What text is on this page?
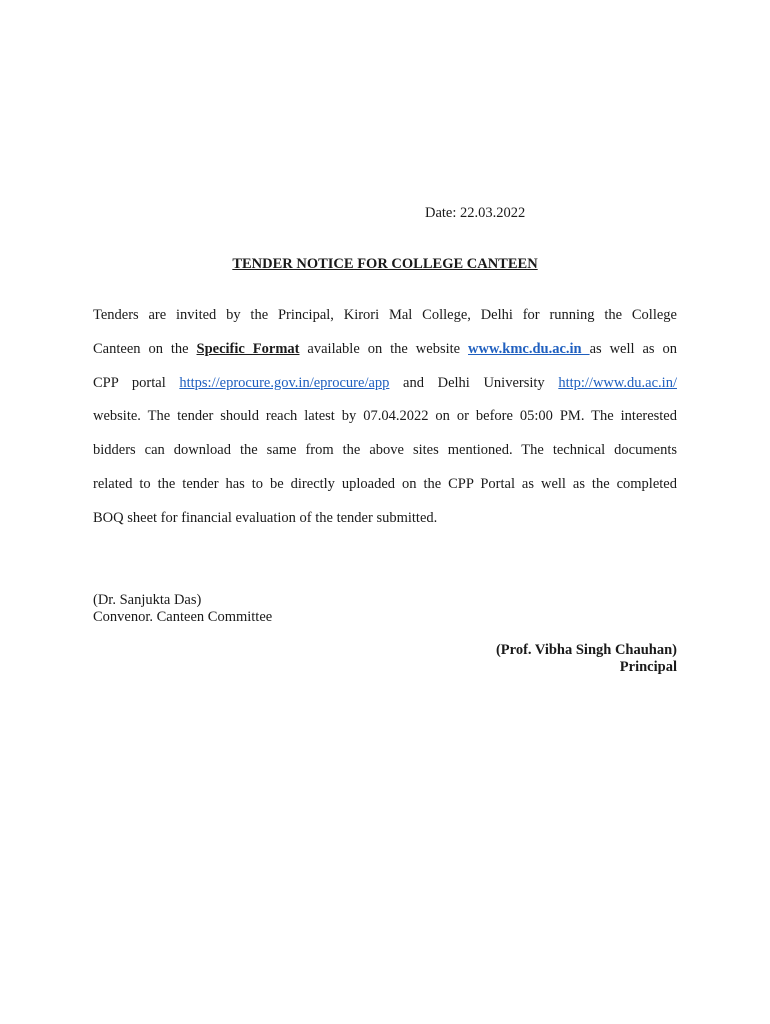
Date: 22.03.2022
TENDER NOTICE FOR COLLEGE CANTEEN
Tenders are invited by the Principal, Kirori Mal College, Delhi for running the College
Canteen on the Specific Format available on the website www.kmc.du.ac.in as well as on
CPP portal https://eprocure.gov.in/eprocure/app and Delhi University http://www.du.ac.in/
website. The tender should reach latest by 07.04.2022 on or before 05:00 PM. The interested
bidders can download the same from the above sites mentioned. The technical documents
related to the tender has to be directly uploaded on the CPP Portal as well as the completed
BOQ sheet for financial evaluation of the tender submitted.
(Dr. Sanjukta Das)
Convenor. Canteen Committee
(Prof. Vibha Singh Chauhan)
Principal
